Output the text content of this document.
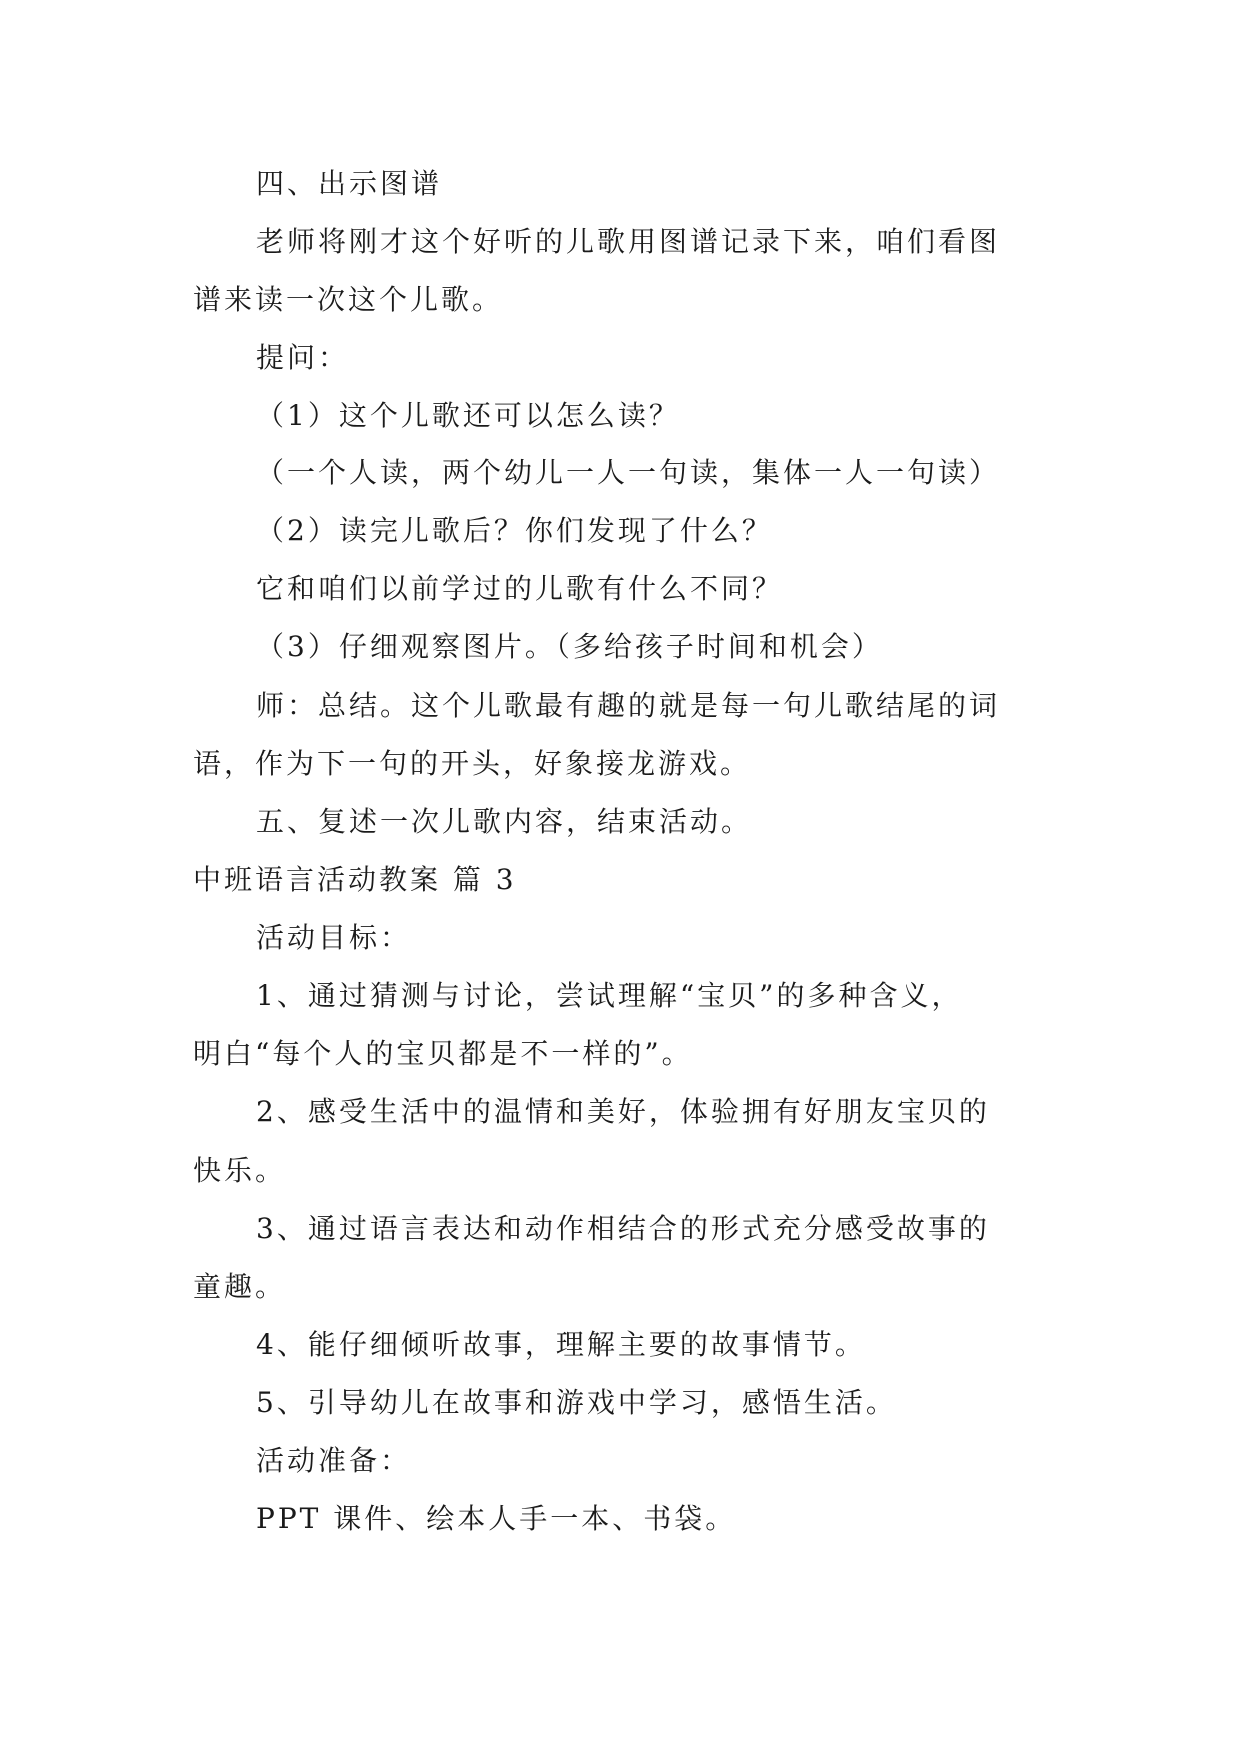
四、出示图谱
老师将刚才这个好听的儿歌用图谱记录下来，咱们看图
谱来读一次这个儿歌。
提问：
（1）这个儿歌还可以怎么读？
（一个人读，两个幼儿一人一句读，集体一人一句读）
（2）读完儿歌后？你们发现了什么？
它和咱们以前学过的儿歌有什么不同？
（3）仔细观察图片。（多给孩子时间和机会）
师：总结。这个儿歌最有趣的就是每一句儿歌结尾的词
语，作为下一句的开头，好象接龙游戏。
五、复述一次儿歌内容，结束活动。
中班语言活动教案 篇 3
活动目标：
1、通过猜测与讨论，尝试理解“宝贝”的多种含义，
明白“每个人的宝贝都是不一样的”。
2、感受生活中的温情和美好，体验拥有好朋友宝贝的
快乐。
3、通过语言表达和动作相结合的形式充分感受故事的
童趣。
4、能仔细倾听故事，理解主要的故事情节。
5、引导幼儿在故事和游戏中学习，感悟生活。
活动准备：
PPT 课件、绘本人手一本、书袋。
